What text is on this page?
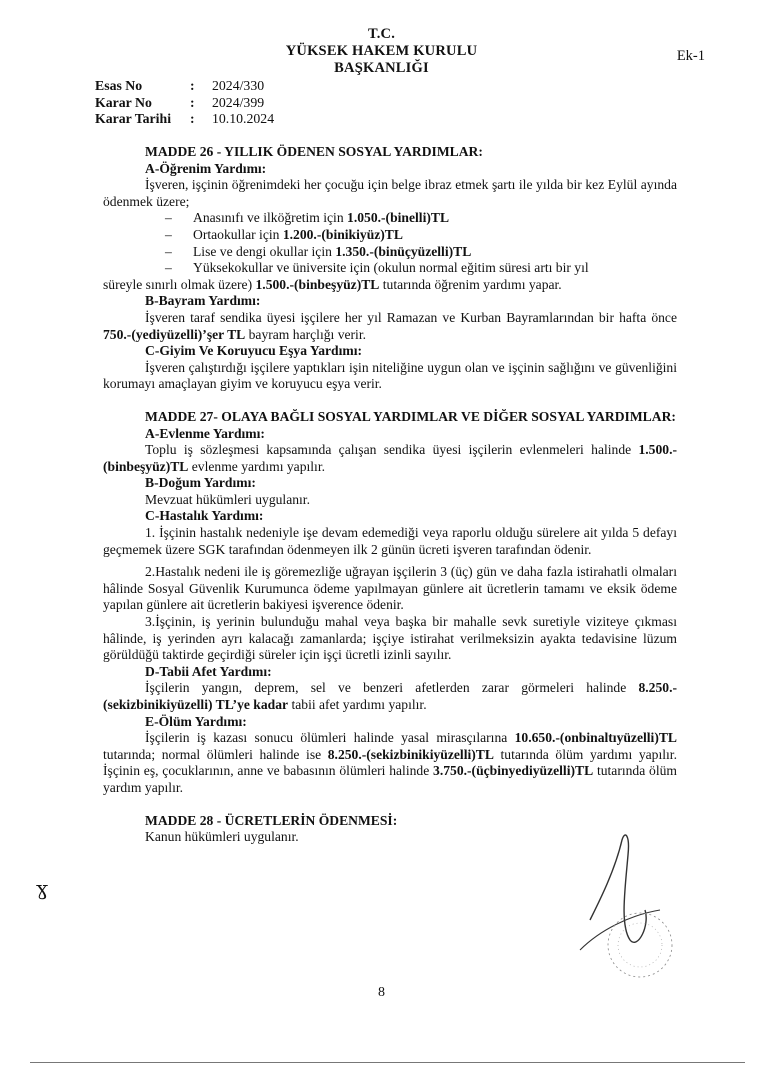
T.C.
YÜKSEK HAKEM KURULU
BAŞKANLIĞI
Ek-1
Esas No	:	2024/330
Karar No	:	2024/399
Karar Tarihi	:	10.10.2024

MADDE 26 - YILLIK ÖDENEN SOSYAL YARDIMLAR:

A-Öğrenim Yardımı:

İşveren, işçinin öğrenimdeki her çocuğu için belge ibraz etmek şartı ile yılda bir kez Eylül ayında ödenmek üzere;

–	Anasınıfı ve ilköğretim için 1.050.-(binelli)TL

–	Ortaokullar için 1.200.-(binikiyüz)TL

–	Lise ve dengi okullar için 1.350.-(binüçyüzelli)TL

–	Yüksekokullar ve üniversite için (okulun normal eğitim süresi artı bir yıl

süreyle sınırlı olmak üzere) 1.500.-(binbeşyüz)TL tutarında öğrenim yardımı yapar.

B-Bayram Yardımı:

İşveren taraf sendika üyesi işçilere her yıl Ramazan ve Kurban Bayramlarından bir hafta önce 750.-(yediyüzelli)’şer TL bayram harçlığı verir.

C-Giyim Ve Koruyucu Eşya Yardımı:

İşveren çalıştırdığı işçilere yaptıkları işin niteliğine uygun olan ve işçinin sağlığını ve güvenliğini korumayı amaçlayan giyim ve koruyucu eşya verir.

MADDE 27- OLAYA BAĞLI SOSYAL YARDIMLAR VE DİĞER SOSYAL YARDIMLAR:

A-Evlenme Yardımı:

Toplu iş sözleşmesi kapsamında çalışan sendika üyesi işçilerin evlenmeleri halinde 1.500.-(binbeşyüz)TL evlenme yardımı yapılır.

B-Doğum Yardımı:

Mevzuat hükümleri uygulanır.

C-Hastalık Yardımı:

1. İşçinin hastalık nedeniyle işe devam edemediği veya raporlu olduğu sürelere ait yılda 5 defayı geçmemek üzere SGK tarafından ödenmeyen ilk 2 günün ücreti işveren tarafından ödenir.

2.Hastalık nedeni ile iş göremezliğe uğrayan işçilerin 3 (üç) gün ve daha fazla istirahatli olmaları hâlinde Sosyal Güvenlik Kurumunca ödeme yapılmayan günlere ait ücretlerin tamamı ve eksik ödeme yapılan günlere ait ücretlerin bakiyesi işverence ödenir.

3.İşçinin, iş yerinin bulunduğu mahal veya başka bir mahalle sevk suretiyle viziteye çıkması hâlinde, iş yerinden ayrı kalacağı zamanlarda; işçiye istirahat verilmeksizin ayakta tedavisine lüzum görüldüğü taktirde geçirdiği süreler için işçi ücretli izinli sayılır.

D-Tabii Afet Yardımı:

İşçilerin yangın, deprem, sel ve benzeri afetlerden zarar görmeleri halinde 8.250.-(sekizbinikiyüzelli) TL’ye kadar tabii afet yardımı yapılır.

E-Ölüm Yardımı:

İşçilerin iş kazası sonucu ölümleri halinde yasal mirasçılarına 10.650.-(onbinaltıyüzelli)TL tutarında; normal ölümleri halinde ise 8.250.-(sekizbinikiyüzelli)TL tutarında ölüm yardımı yapılır. İşçinin eş, çocuklarının, anne ve babasının ölümleri halinde 3.750.-(üçbinyediyüzelli)TL tutarında ölüm yardım yapılır.

MADDE 28 - ÜCRETLERİN ÖDENMESİ:

Kanun hükümleri uygulanır.

ɣ
8
